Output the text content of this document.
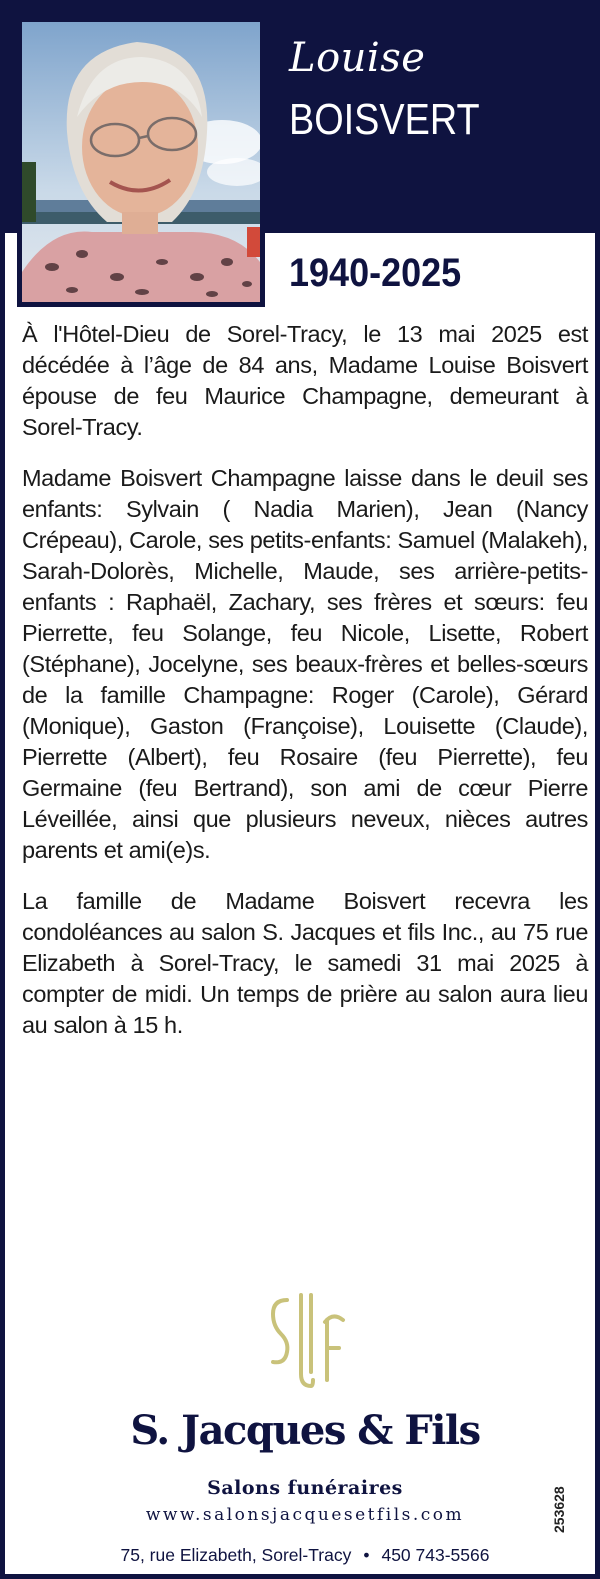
Louise
BOISVERT
1940-2025

À l'Hôtel-Dieu de Sorel-Tracy, le 13 mai 2025 est décédée à l’âge de 84 ans, Madame Louise Boisvert épouse de feu Maurice Champagne, demeurant à Sorel-Tracy.

Madame Boisvert Champagne laisse dans le deuil ses enfants: Sylvain ( Nadia Marien), Jean (Nancy Crépeau), Carole, ses petits-enfants: Samuel (Malakeh), Sarah-Dolorès, Michelle, Maude, ses arrière-petits-enfants : Raphaël, Zachary, ses frères et sœurs: feu Pierrette, feu Solange, feu Nicole, Lisette, Robert (Stéphane), Jocelyne, ses beaux-frères et belles-sœurs de la famille Champagne: Roger (Carole), Gérard (Monique), Gaston (Françoise), Louisette (Claude), Pierrette (Albert), feu Rosaire (feu Pierrette), feu Germaine (feu Bertrand), son ami de cœur Pierre Léveillée, ainsi que plusieurs neveux, nièces autres parents et ami(e)s.

La famille de Madame Boisvert recevra les condoléances au salon S. Jacques et fils Inc., au 75 rue Elizabeth à Sorel-Tracy, le samedi 31 mai 2025 à compter de midi. Un temps de prière au salon aura lieu au salon à 15 h.

S. Jacques & Fils
Salons funéraires
www.salonsjacquesetfils.com
75, rue Elizabeth, Sorel-Tracy • 450 743-5566
253628
